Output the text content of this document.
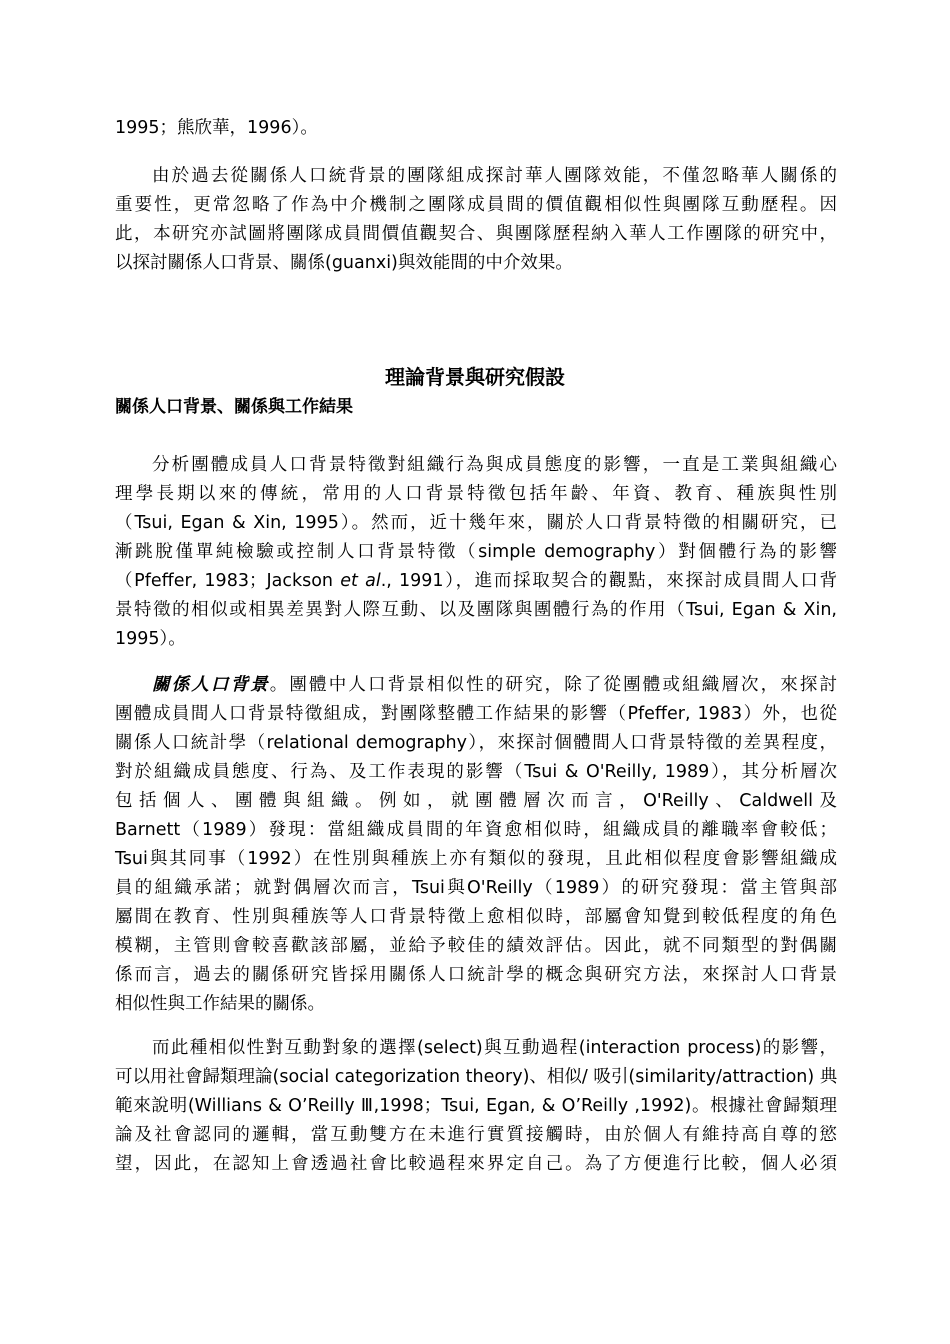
1995；熊欣華，1996）。
由於過去從關係人口統背景的團隊組成探討華人團隊效能，不僅忽略華人關係的
重要性，更常忽略了作為中介機制之團隊成員間的價值觀相似性與團隊互動歷程。因
此，本研究亦試圖將團隊成員間價值觀契合、與團隊歷程納入華人工作團隊的研究中，
以探討關係人口背景、關係(guanxi)與效能間的中介效果。
理論背景與研究假設
關係人口背景、關係與工作結果
分析團體成員人口背景特徵對組織行為與成員態度的影響，一直是工業與組織心
理學長期以來的傳統，常用的人口背景特徵包括年齡、年資、教育、種族與性別
（Tsui, Egan & Xin, 1995）。然而，近十幾年來，關於人口背景特徵的相關研究，已
漸跳脫僅單純檢驗或控制人口背景特徵（simple demography）對個體行為的影響
（Pfeffer, 1983；Jackson et al., 1991），進而採取契合的觀點，來探討成員間人口背
景特徵的相似或相異差異對人際互動、以及團隊與團體行為的作用（Tsui, Egan & Xin,
1995）。
關係人口背景。團體中人口背景相似性的研究，除了從團體或組織層次，來探討
團體成員間人口背景特徵組成，對團隊整體工作結果的影響（Pfeffer, 1983）外，也從
關係人口統計學（relational demography），來探討個體間人口背景特徵的差異程度，
對於組織成員態度、行為、及工作表現的影響（Tsui & O'Reilly, 1989），其分析層次
包括個人、團體與組織。例如，就團體層次而言，O'Reilly、Caldwell及
Barnett（1989）發現：當組織成員間的年資愈相似時，組織成員的離職率會較低；
Tsui與其同事（1992）在性別與種族上亦有類似的發現，且此相似程度會影響組織成
員的組織承諾；就對偶層次而言，Tsui與O'Reilly（1989）的研究發現：當主管與部
屬間在教育、性別與種族等人口背景特徵上愈相似時，部屬會知覺到較低程度的角色
模糊，主管則會較喜歡該部屬，並給予較佳的績效評估。因此，就不同類型的對偶關
係而言，過去的關係研究皆採用關係人口統計學的概念與研究方法，來探討人口背景
相似性與工作結果的關係。
而此種相似性對互動對象的選擇(select)與互動過程(interaction process)的影響，
可以用社會歸類理論(social categorization theory)、相似/ 吸引(similarity/attraction) 典
範來說明(Willians & O’Reilly Ⅲ,1998；Tsui, Egan, & O’Reilly ,1992)。根據社會歸類理
論及社會認同的邏輯，當互動雙方在未進行實質接觸時，由於個人有維持高自尊的慾
望，因此，在認知上會透過社會比較過程來界定自己。為了方便進行比較，個人必須
